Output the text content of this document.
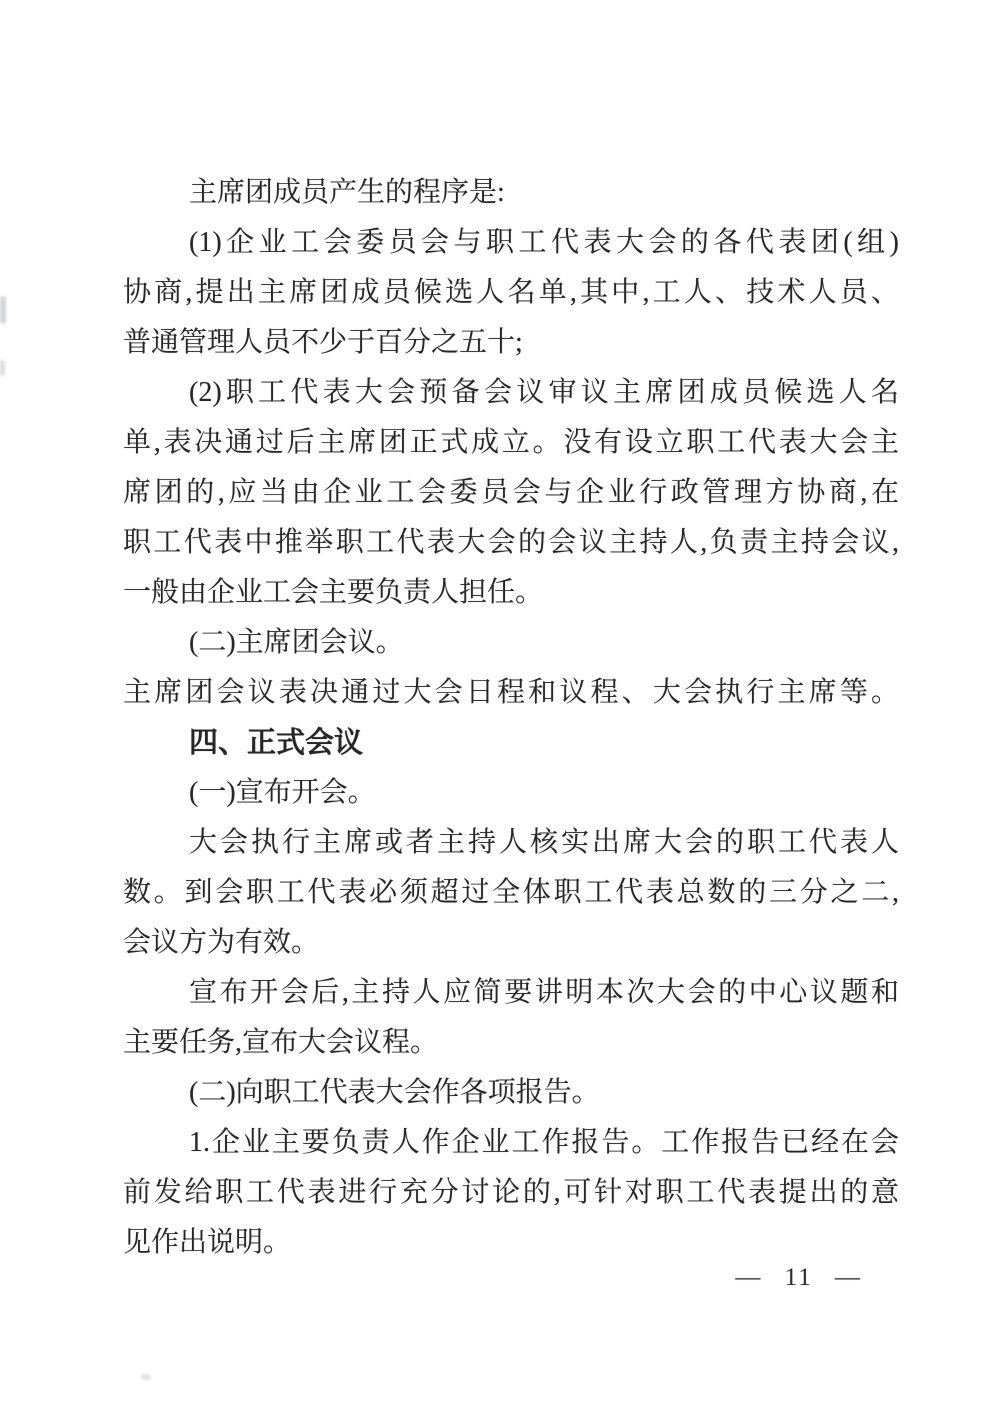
主席团成员产生的程序是:
(1)企业工会委员会与职工代表大会的各代表团(组)
协商,提出主席团成员候选人名单,其中,工人、技术人员、
普通管理人员不少于百分之五十;
(2)职工代表大会预备会议审议主席团成员候选人名
单,表决通过后主席团正式成立。没有设立职工代表大会主
席团的,应当由企业工会委员会与企业行政管理方协商,在
职工代表中推举职工代表大会的会议主持人,负责主持会议,
一般由企业工会主要负责人担任。
(二)主席团会议。
主席团会议表决通过大会日程和议程、大会执行主席等。
四、正式会议
(一)宣布开会。
大会执行主席或者主持人核实出席大会的职工代表人
数。到会职工代表必须超过全体职工代表总数的三分之二,
会议方为有效。
宣布开会后,主持人应简要讲明本次大会的中心议题和
主要任务,宣布大会议程。
(二)向职工代表大会作各项报告。
1.企业主要负责人作企业工作报告。工作报告已经在会
前发给职工代表进行充分讨论的,可针对职工代表提出的意
见作出说明。
— 11 —
